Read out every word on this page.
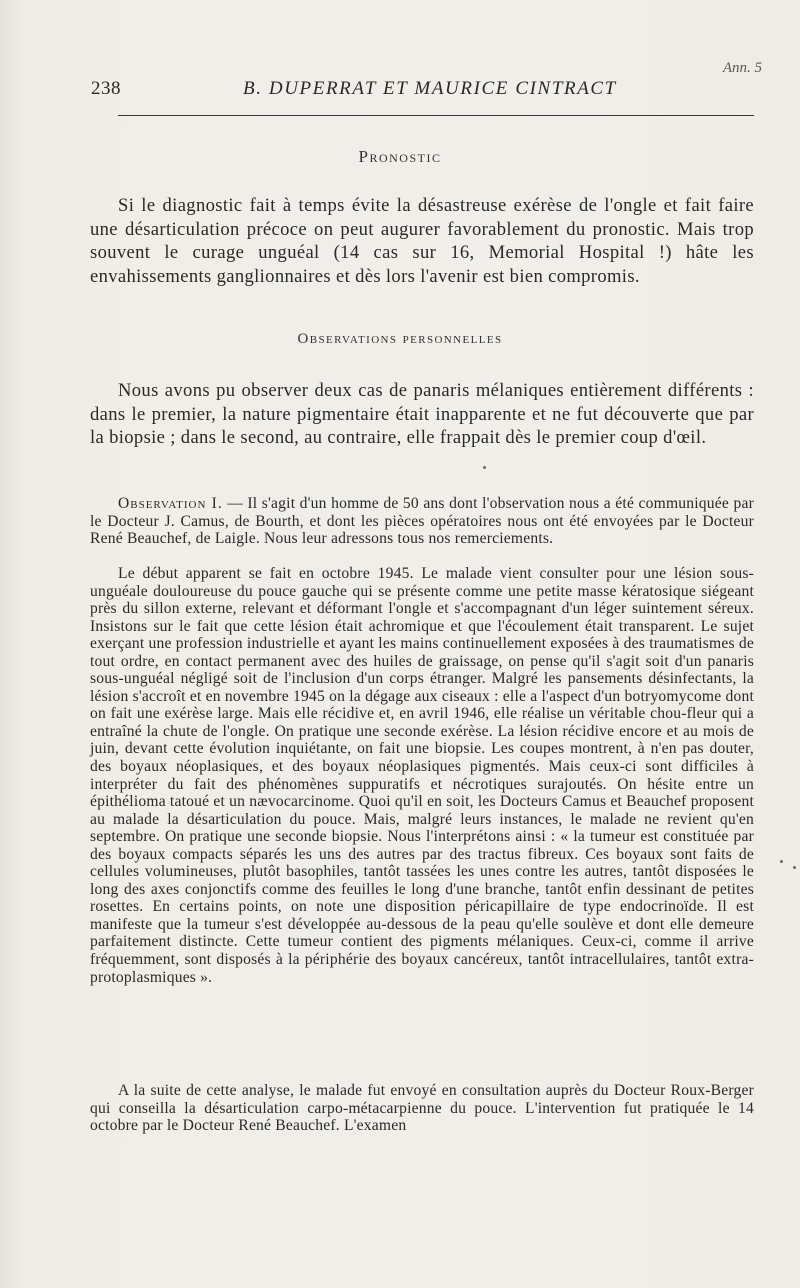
Ann. 5
238	B. DUPERRAT ET MAURICE CINTRACT
Pronostic

Si le diagnostic fait à temps évite la désastreuse exérèse de l'ongle et fait faire une désarticulation précoce on peut augurer favorablement du pronostic. Mais trop souvent le curage unguéal (14 cas sur 16, Memorial Hospital !) hâte les envahissements ganglionnaires et dès lors l'avenir est bien compromis.

Observations personnelles

Nous avons pu observer deux cas de panaris mélaniques entièrement différents : dans le premier, la nature pigmentaire était inapparente et ne fut découverte que par la biopsie ; dans le second, au contraire, elle frappait dès le premier coup d'œil.

Observation I. — Il s'agit d'un homme de 50 ans dont l'observation nous a été communiquée par le Docteur J. Camus, de Bourth, et dont les pièces opératoires nous ont été envoyées par le Docteur René Beauchef, de Laigle. Nous leur adressons tous nos remerciements.

Le début apparent se fait en octobre 1945. Le malade vient consulter pour une lésion sous-unguéale douloureuse du pouce gauche qui se présente comme une petite masse kératosique siégeant près du sillon externe, relevant et déformant l'ongle et s'accompagnant d'un léger suintement séreux. Insistons sur le fait que cette lésion était achromique et que l'écoulement était transparent. Le sujet exerçant une profession industrielle et ayant les mains continuellement exposées à des traumatismes de tout ordre, en contact permanent avec des huiles de graissage, on pense qu'il s'agit soit d'un panaris sous-unguéal négligé soit de l'inclusion d'un corps étranger. Malgré les pansements désinfectants, la lésion s'accroît et en novembre 1945 on la dégage aux ciseaux : elle a l'aspect d'un botryomycome dont on fait une exérèse large. Mais elle récidive et, en avril 1946, elle réalise un véritable chou-fleur qui a entraîné la chute de l'ongle. On pratique une seconde exérèse. La lésion récidive encore et au mois de juin, devant cette évolution inquiétante, on fait une biopsie. Les coupes montrent, à n'en pas douter, des boyaux néoplasiques, et des boyaux néoplasiques pigmentés. Mais ceux-ci sont difficiles à interpréter du fait des phénomènes suppuratifs et nécrotiques surajoutés. On hésite entre un épithélioma tatoué et un nævocarcinome. Quoi qu'il en soit, les Docteurs Camus et Beauchef proposent au malade la désarticulation du pouce. Mais, malgré leurs instances, le malade ne revient qu'en septembre. On pratique une seconde biopsie. Nous l'interprétons ainsi : « la tumeur est constituée par des boyaux compacts séparés les uns des autres par des tractus fibreux. Ces boyaux sont faits de cellules volumineuses, plutôt basophiles, tantôt tassées les unes contre les autres, tantôt disposées le long des axes conjonctifs comme des feuilles le long d'une branche, tantôt enfin dessinant de petites rosettes. En certains points, on note une disposition péricapillaire de type endocrinoïde. Il est manifeste que la tumeur s'est développée au-dessous de la peau qu'elle soulève et dont elle demeure parfaitement distincte. Cette tumeur contient des pigments mélaniques. Ceux-ci, comme il arrive fréquemment, sont disposés à la périphérie des boyaux cancéreux, tantôt intracellulaires, tantôt extra-protoplasmiques ».

A la suite de cette analyse, le malade fut envoyé en consultation auprès du Docteur Roux-Berger qui conseilla la désarticulation carpo-métacarpienne du pouce. L'intervention fut pratiquée le 14 octobre par le Docteur René Beauchef. L'examen
